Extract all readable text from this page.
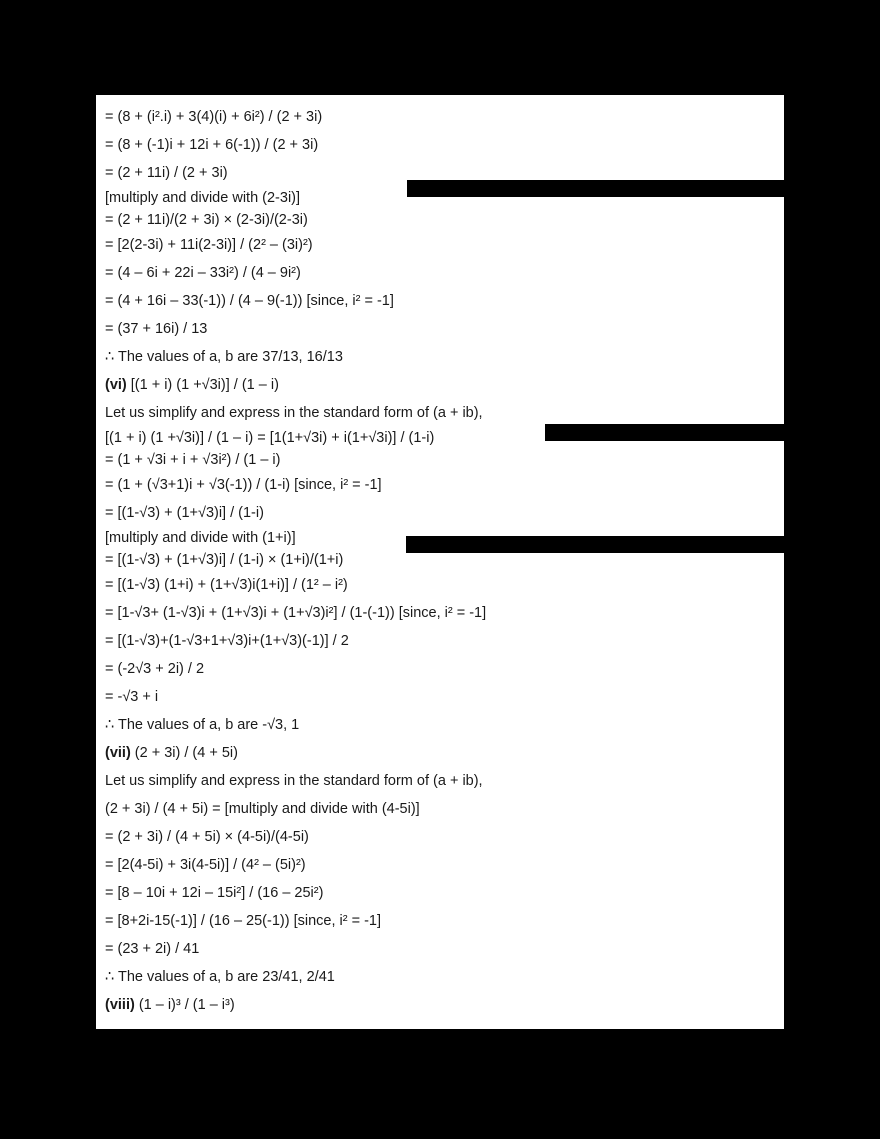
= (8 + (i².i) + 3(4)(i) + 6i²) / (2 + 3i)
= (8 + (-1)i + 12i + 6(-1)) / (2 + 3i)
= (2 + 11i) / (2 + 3i)
[multiply and divide with (2-3i)]
= (2 + 11i)/(2 + 3i) × (2-3i)/(2-3i)
= [2(2-3i) + 11i(2-3i)] / (2² – (3i)²)
= (4 – 6i + 22i – 33i²) / (4 – 9i²)
= (4 + 16i – 33(-1)) / (4 – 9(-1)) [since, i² = -1]
= (37 + 16i) / 13
∴ The values of a, b are 37/13, 16/13
(vi) [(1 + i) (1 +√3i)] / (1 – i)
Let us simplify and express in the standard form of (a + ib),
[(1 + i) (1 +√3i)] / (1 – i) = [1(1+√3i) + i(1+√3i)] / (1-i)
= (1 + √3i + i + √3i²) / (1 – i)
= (1 + (√3+1)i + √3(-1)) / (1-i) [since, i² = -1]
= [(1-√3) + (1+√3)i] / (1-i)
[multiply and divide with (1+i)]
= [(1-√3) + (1+√3)i] / (1-i) × (1+i)/(1+i)
= [(1-√3) (1+i) + (1+√3)i(1+i)] / (1² – i²)
= [1-√3+ (1-√3)i + (1+√3)i + (1+√3)i²] / (1-(-1)) [since, i² = -1]
= [(1-√3)+(1-√3+1+√3)i+(1+√3)(-1)] / 2
= (-2√3 + 2i) / 2
= -√3 + i
∴ The values of a, b are -√3, 1
(vii) (2 + 3i) / (4 + 5i)
Let us simplify and express in the standard form of (a + ib),
(2 + 3i) / (4 + 5i) = [multiply and divide with (4-5i)]
= (2 + 3i) / (4 + 5i) × (4-5i)/(4-5i)
= [2(4-5i) + 3i(4-5i)] / (4² – (5i)²)
= [8 – 10i + 12i – 15i²] / (16 – 25i²)
= [8+2i-15(-1)] / (16 – 25(-1)) [since, i² = -1]
= (23 + 2i) / 41
∴ The values of a, b are 23/41, 2/41
(viii) (1 – i)³ / (1 – i³)
